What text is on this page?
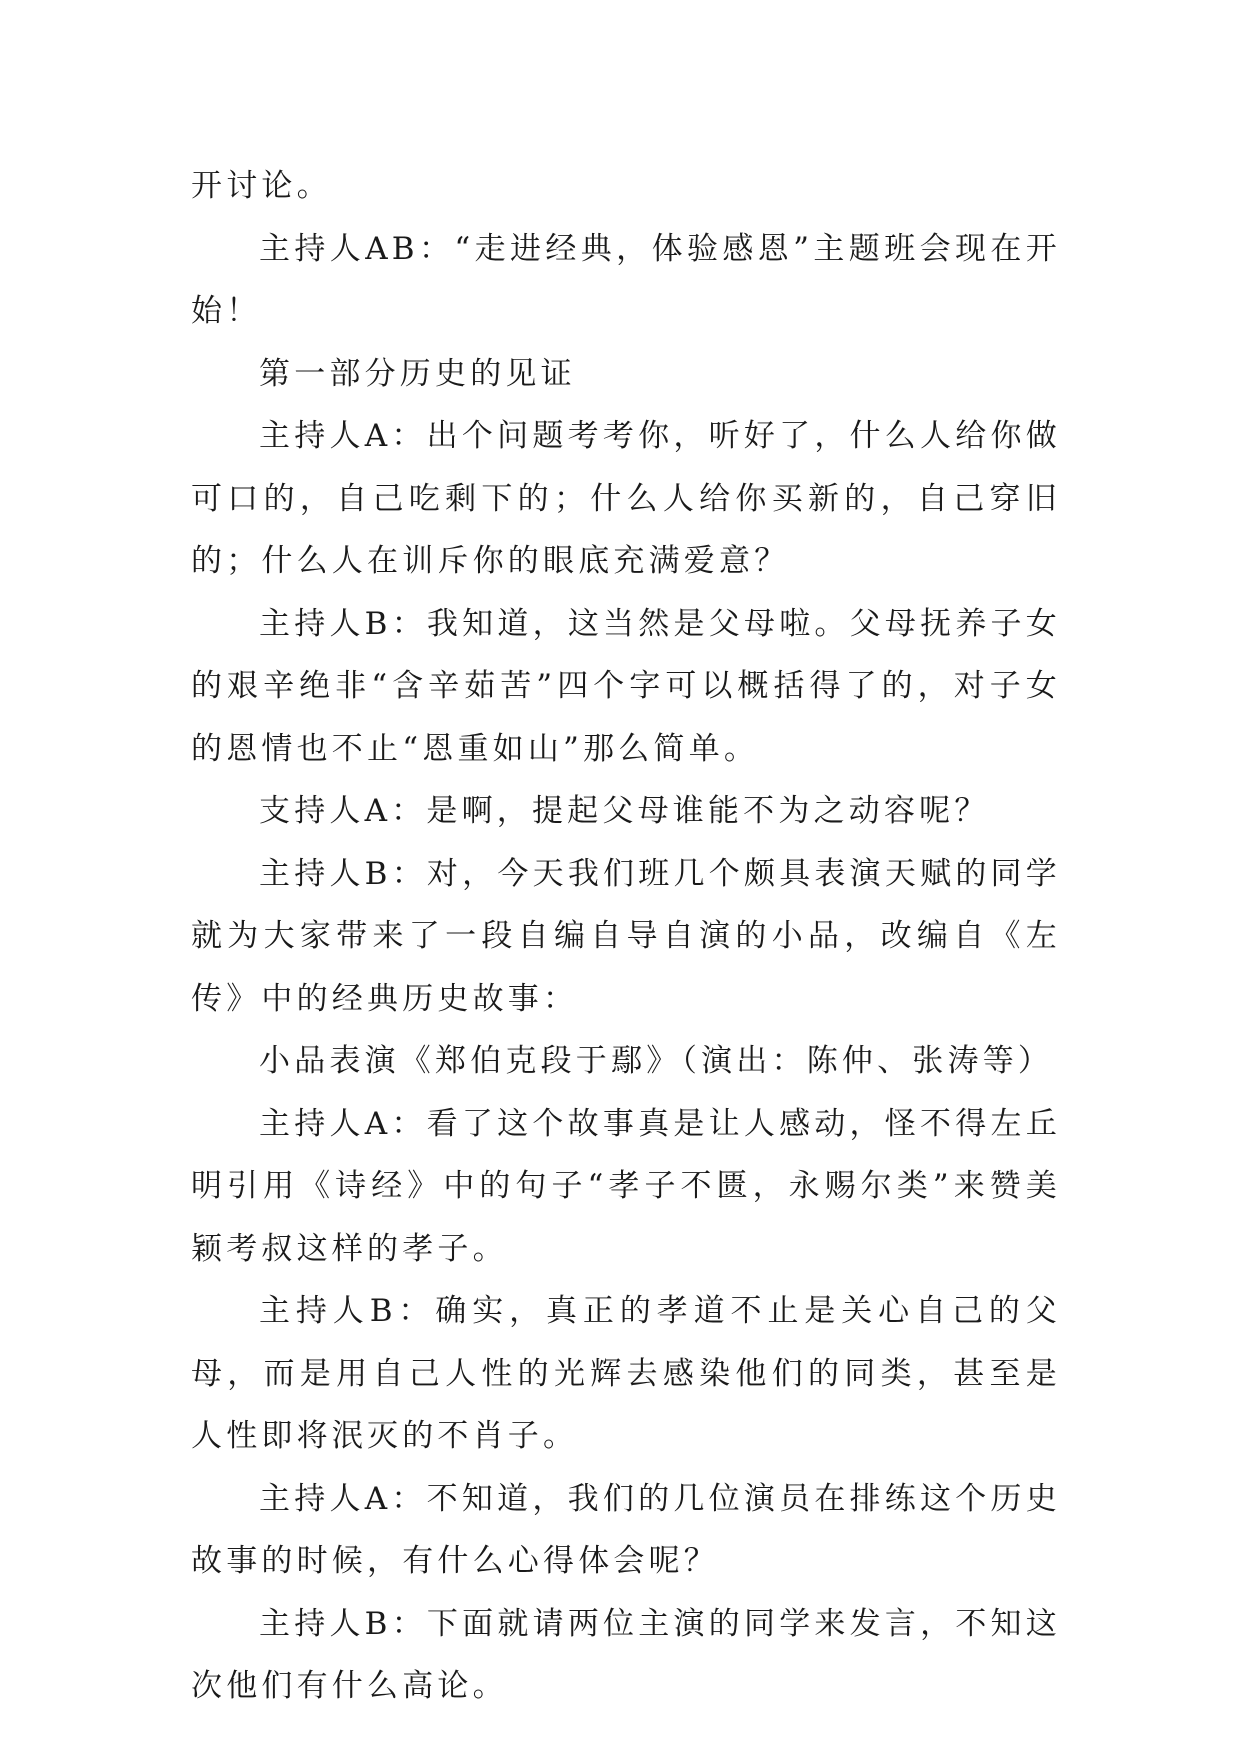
开讨论。

主持人AB：“走进经典，体验感恩”主题班会现在开始！

第一部分历史的见证

主持人A：出个问题考考你，听好了，什么人给你做可口的，自己吃剩下的；什么人给你买新的，自己穿旧的；什么人在训斥你的眼底充满爱意？

主持人B：我知道，这当然是父母啦。父母抚养子女的艰辛绝非“含辛茹苦”四个字可以概括得了的，对子女的恩情也不止“恩重如山”那么简单。

支持人A：是啊，提起父母谁能不为之动容呢？

主持人B：对，今天我们班几个颇具表演天赋的同学就为大家带来了一段自编自导自演的小品，改编自《左传》中的经典历史故事：

小品表演《郑伯克段于鄢》（演出：陈仲、张涛等）

主持人A：看了这个故事真是让人感动，怪不得左丘明引用《诗经》中的句子“孝子不匮，永赐尔类”来赞美颖考叔这样的孝子。

主持人B：确实，真正的孝道不止是关心自己的父母，而是用自己人性的光辉去感染他们的同类，甚至是人性即将泯灭的不肖子。

主持人A：不知道，我们的几位演员在排练这个历史故事的时候，有什么心得体会呢？

主持人B：下面就请两位主演的同学来发言，不知这次他们有什么高论。
